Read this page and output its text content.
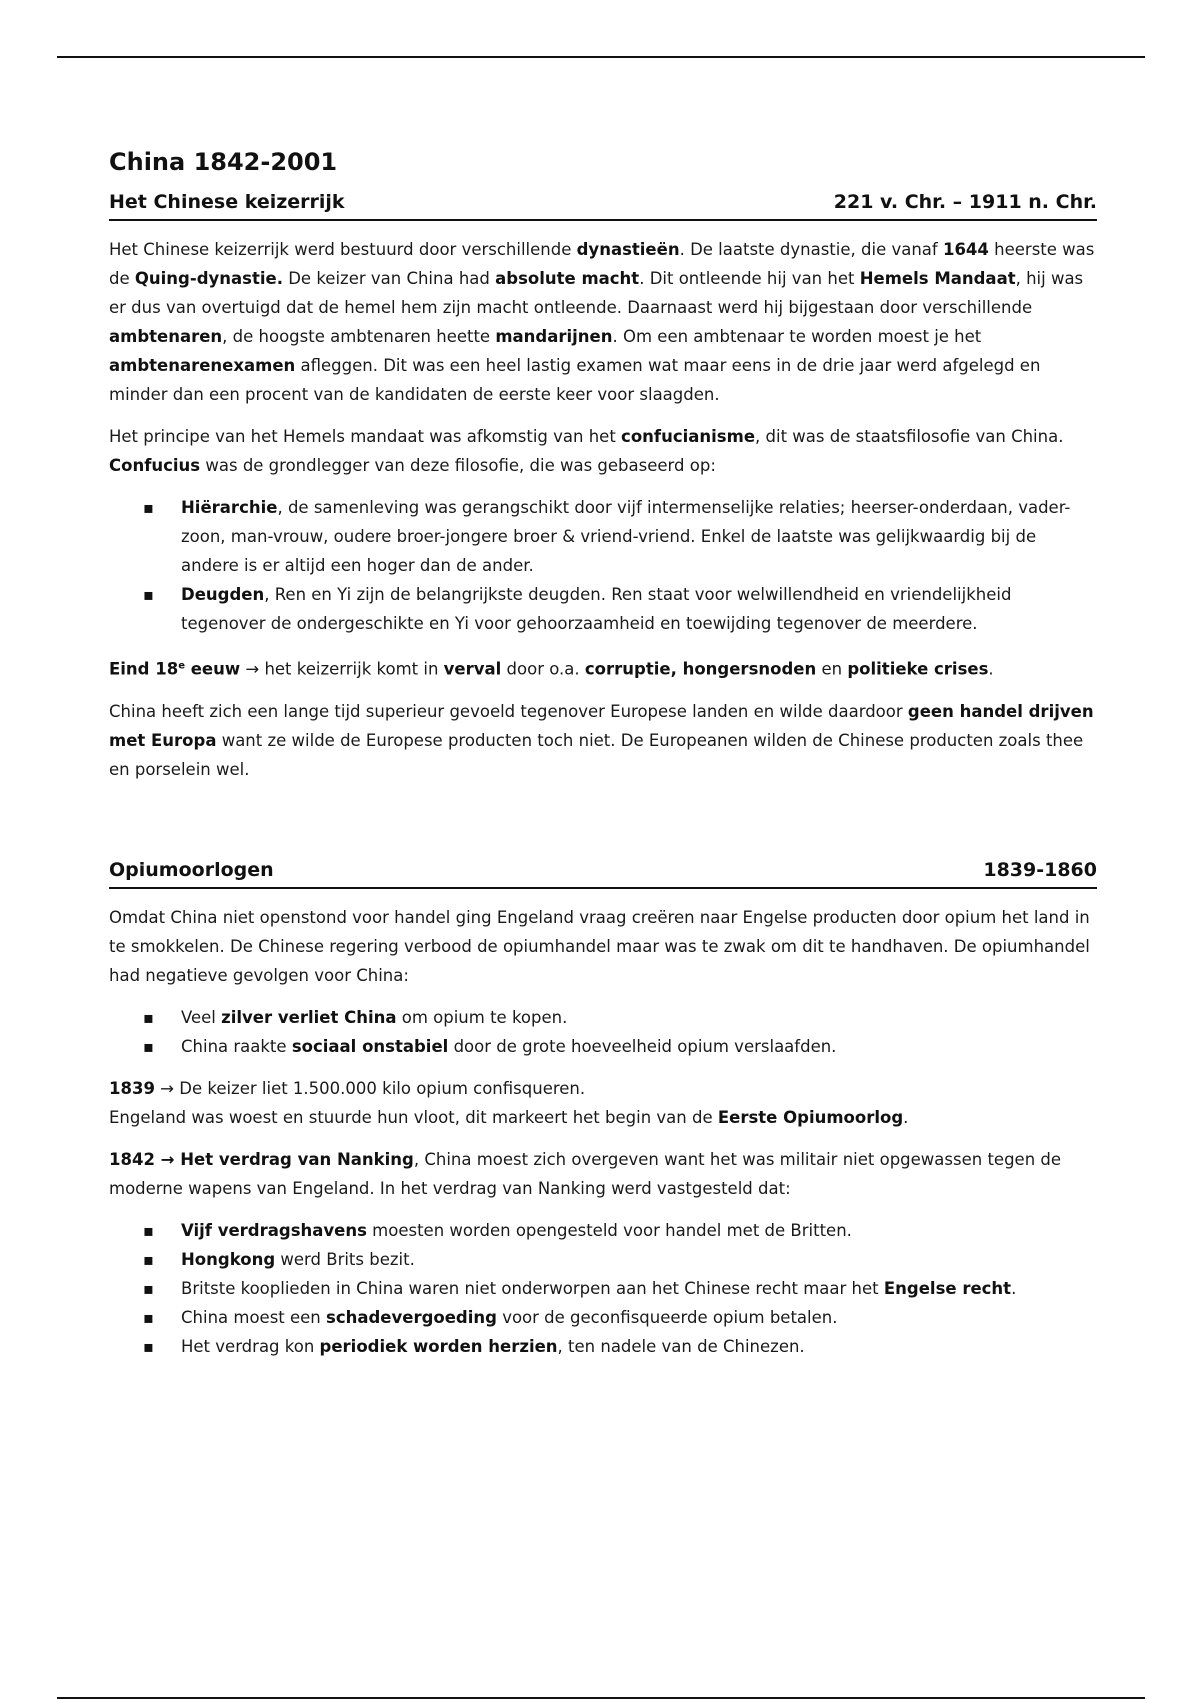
China 1842-2001
Het Chinese keizerrijk	221 v. Chr. – 1911 n. Chr.

Het Chinese keizerrijk werd bestuurd door verschillende dynastieën. De laatste dynastie, die vanaf 1644 heerste was de Quing-dynastie. De keizer van China had absolute macht. Dit ontleende hij van het Hemels Mandaat, hij was er dus van overtuigd dat de hemel hem zijn macht ontleende. Daarnaast werd hij bijgestaan door verschillende ambtenaren, de hoogste ambtenaren heette mandarijnen. Om een ambtenaar te worden moest je het ambtenarenexamen afleggen. Dit was een heel lastig examen wat maar eens in de drie jaar werd afgelegd en minder dan een procent van de kandidaten de eerste keer voor slaagden.

Het principe van het Hemels mandaat was afkomstig van het confucianisme, dit was de staatsfilosofie van China. Confucius was de grondlegger van deze filosofie, die was gebaseerd op:

▪ Hiërarchie, de samenleving was gerangschikt door vijf intermenselijke relaties; heerser-onderdaan, vader-zoon, man-vrouw, oudere broer-jongere broer & vriend-vriend. Enkel de laatste was gelijkwaardig bij de andere is er altijd een hoger dan de ander.
▪ Deugden, Ren en Yi zijn de belangrijkste deugden. Ren staat voor welwillendheid en vriendelijkheid tegenover de ondergeschikte en Yi voor gehoorzaamheid en toewijding tegenover de meerdere.

Eind 18e eeuw → het keizerrijk komt in verval door o.a. corruptie, hongersnoden en politieke crises.

China heeft zich een lange tijd superieur gevoeld tegenover Europese landen en wilde daardoor geen handel drijven met Europa want ze wilde de Europese producten toch niet. De Europeanen wilden de Chinese producten zoals thee en porselein wel.

Opiumoorlogen	1839-1860

Omdat China niet openstond voor handel ging Engeland vraag creëren naar Engelse producten door opium het land in te smokkelen. De Chinese regering verbood de opiumhandel maar was te zwak om dit te handhaven. De opiumhandel had negatieve gevolgen voor China:

▪ Veel zilver verliet China om opium te kopen.
▪ China raakte sociaal onstabiel door de grote hoeveelheid opium verslaafden.

1839 → De keizer liet 1.500.000 kilo opium confisqueren.
Engeland was woest en stuurde hun vloot, dit markeert het begin van de Eerste Opiumoorlog.

1842 → Het verdrag van Nanking, China moest zich overgeven want het was militair niet opgewassen tegen de moderne wapens van Engeland. In het verdrag van Nanking werd vastgesteld dat:

▪ Vijf verdragshavens moesten worden opengesteld voor handel met de Britten.
▪ Hongkong werd Brits bezit.
▪ Britste kooplieden in China waren niet onderworpen aan het Chinese recht maar het Engelse recht.
▪ China moest een schadevergoeding voor de geconfisqueerde opium betalen.
▪ Het verdrag kon periodiek worden herzien, ten nadele van de Chinezen.
